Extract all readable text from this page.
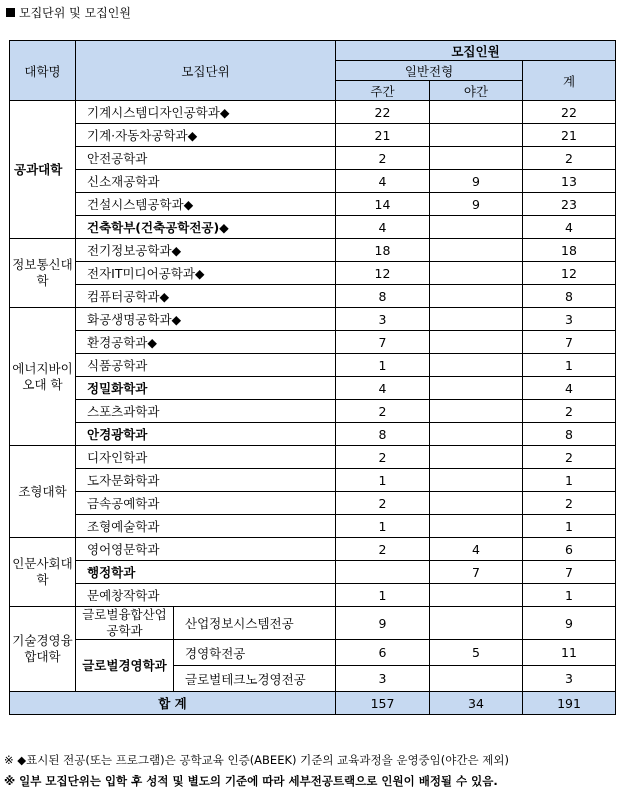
모집단위 및 모집인원
대학명	모집단위		모집인원		
			일반전형		계
			주간	야간	
공과대학	기계시스템디자인공학과◆		22		22
	기계·자동차공학과◆		21		21
	안전공학과		2		2
	신소재공학과		4	9	13
	건설시스템공학과◆		14	9	23
	건축학부(건축공학전공)◆		4		4
정보통신대 학	전기정보공학과◆		18		18
	전자IT미디어공학과◆		12		12
	컴퓨터공학과◆		8		8
에너지바이오대 학	화공생명공학과◆		3		3
	환경공학과◆		7		7
	식품공학과		1		1
	정밀화학과		4		4
	스포츠과학과		2		2
	안경광학과		8		8
조형대학	디자인학과		2		2
	도자문화학과		1		1
	금속공예학과		2		2
	조형예술학과		1		1
인문사회대 학	영어영문학과		2	4	6
	행정학과			7	7
	문예창작학과		1		1
기술경영융합대학	글로벌융합산업공학과	산업정보시스템전공	9		9
	글로벌경영학과	경영학전공	6	5	11
		글로벌테크노경영전공	3		3
합 계			157	34	191
※ ◆표시된 전공(또는 프로그램)은 공학교육 인증(ABEEK) 기준의 교육과정을 운영중임(야간은 제외)
※ 일부 모집단위는 입학 후 성적 및 별도의 기준에 따라 세부전공트랙으로 인원이 배정될 수 있음.
